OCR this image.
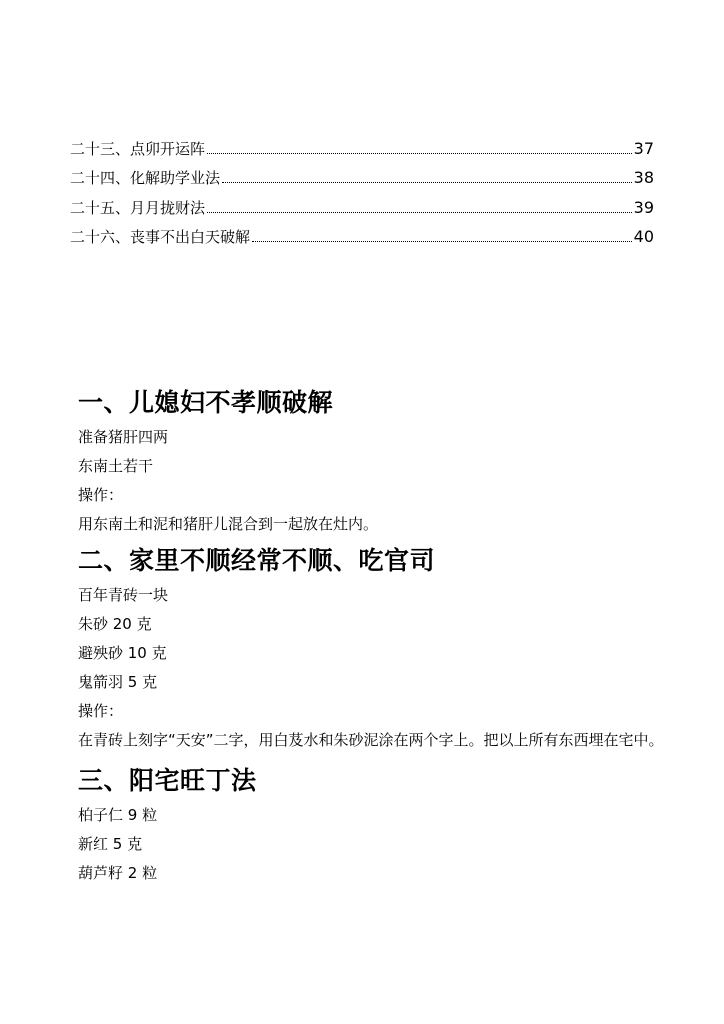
二十三、点卯开运阵	37
二十四、化解助学业法	38
二十五、月月拢财法	39
二十六、丧事不出白天破解	40
一、儿媳妇不孝顺破解
准备猪肝四两
东南土若干
操作：
用东南土和泥和猪肝儿混合到一起放在灶内。
二、家里不顺经常不顺、吃官司
百年青砖一块
朱砂 20 克
避殃砂 10 克
鬼箭羽 5 克
操作：
在青砖上刻字“天安”二字，用白芨水和朱砂泥涂在两个字上。把以上所有东西埋在宅中。
三、阳宅旺丁法
柏子仁 9 粒
新红 5 克
葫芦籽 2 粒
